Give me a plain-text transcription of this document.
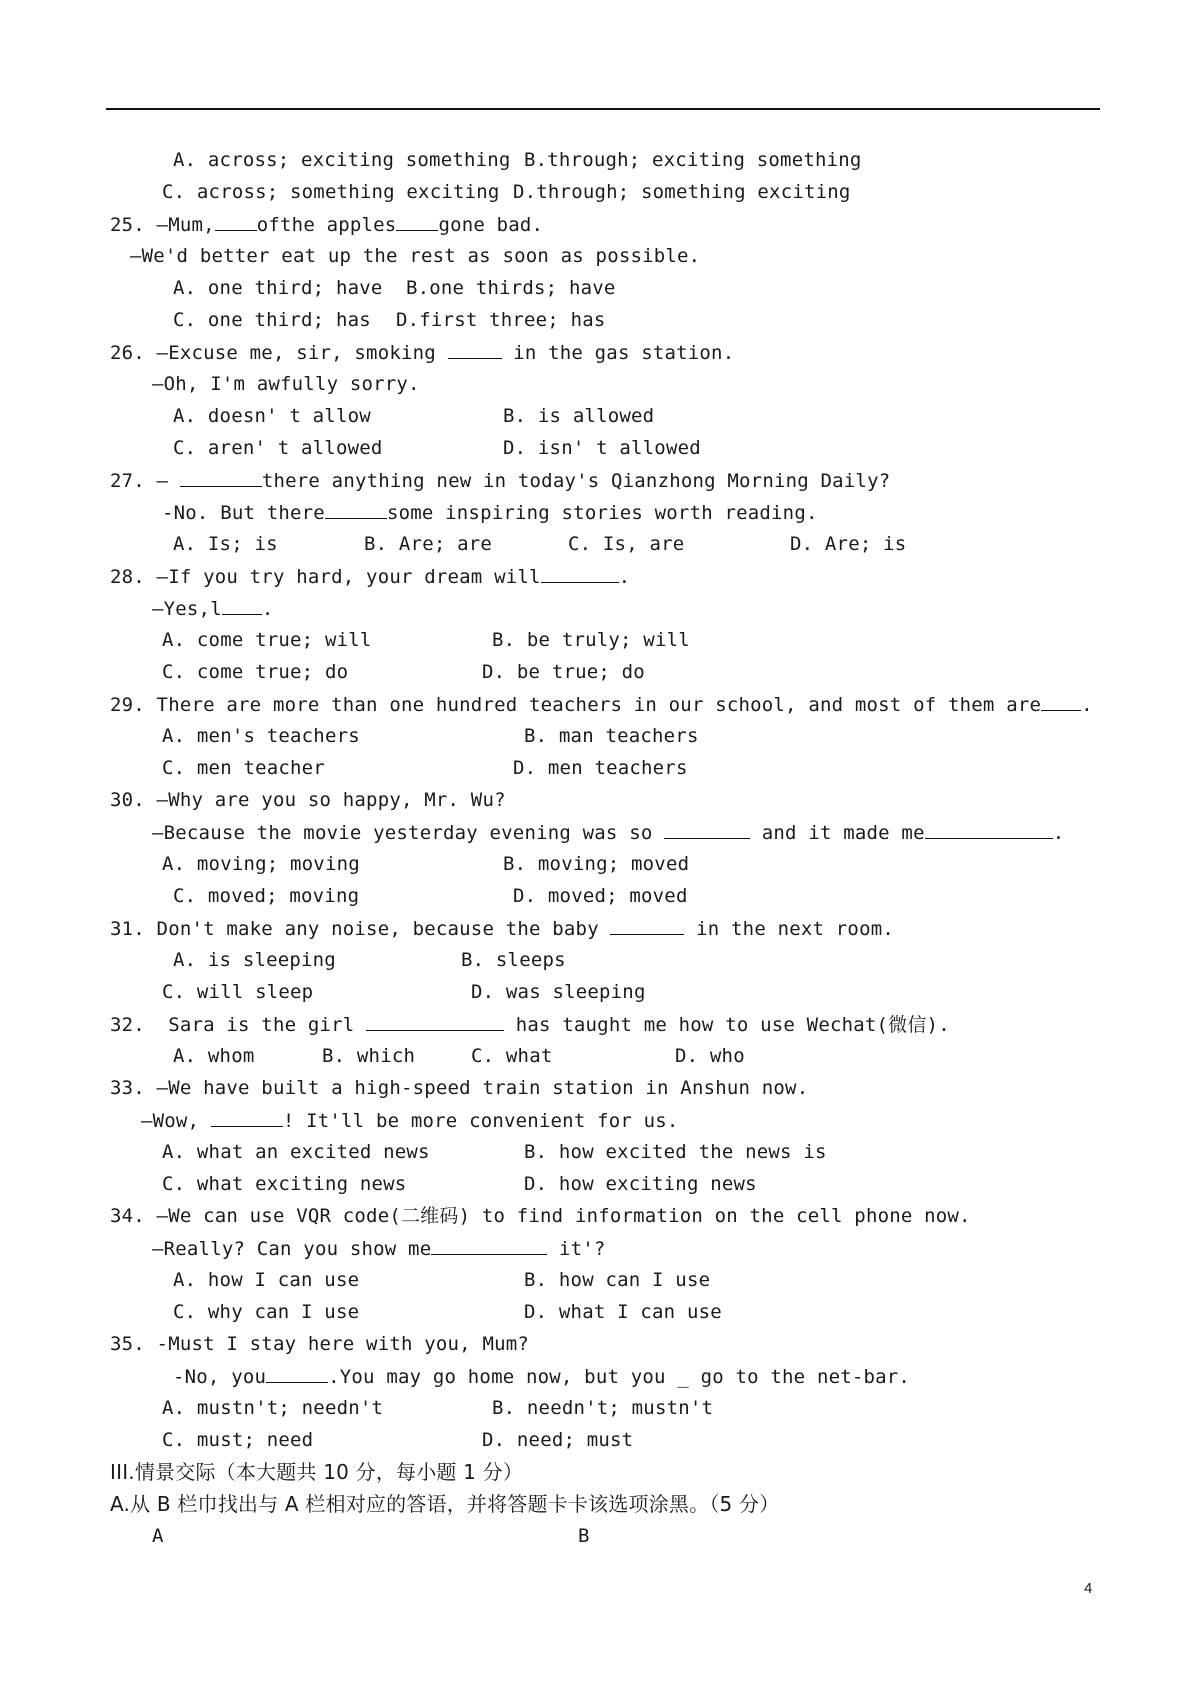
A. across; exciting something B.through; exciting something
C. across; something exciting D.through; something exciting
25. —Mum, ofthe apples gone bad.
—We'd better eat up the rest as soon as possible.
A. one third; have B.one thirds; have
C. one third; has D.first three; has
26. —Excuse me, sir, smoking	in the gas station.
—Oh, I'm awfully sorry.
A. doesn' t allow	B. is allowed
C. aren' t allowed	D. isn' t allowed
27. —	there anything new in today's Qianzhong Morning Daily?
-No. But there	some inspiring stories worth reading.
A. Is; is	B. Are; are	C. Is, are	D. Are; is
28. —If you try hard, your dream will	.
—Yes,l .
A. come true; will	B. be truly; will
C. come true; do	D. be true; do
29. There are more than one hundred teachers in our school, and most of them are .
A. men's teachers	B. man teachers
C. men teacher	D. men teachers
30. —Why are you so happy, Mr. Wu?
—Because the movie yesterday evening was so	and it made me	.
A. moving; moving	B. moving; moved
C. moved; moving	D. moved; moved
31. Don't make any noise, because the baby	in the next room.
A. is sleeping	B. sleeps
C. will sleep	D. was sleeping
32.  Sara is the girl	has taught me how to use Wechat(微信).
A. whom	B. which	C. what	D. who
33. —We have built a high-speed train station in Anshun now.
—Wow,	! It'll be more convenient for us.
A. what an excited news	B. how excited the news is
C. what exciting news	D. how exciting news
34. —We can use VQR code(二维码) to find information on the cell phone now.
—Really? Can you show me	it'?
A. how I can use	B. how can I use
C. why can I use	D. what I can use
35. -Must I stay here with you, Mum?
-No, you	.You may go home now, but you _ go to the net-bar.
A. mustn't; needn't	B. needn't; mustn't
C. must; need	D. need; must
III.情景交际（本大题共 10 分，每小题 1 分）
A.从 B 栏巾找出与 A 栏相对应的答语，并将答题卡卡该选项涂黑。（5 分）
A	B
4
